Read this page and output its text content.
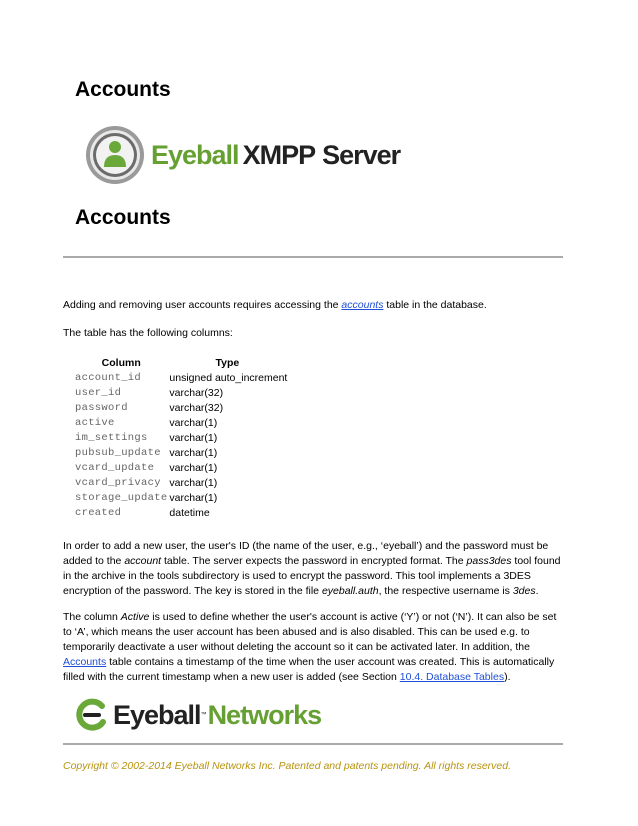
Accounts
Eyeball XMPP Server
Accounts

Adding and removing user accounts requires accessing the accounts table in the database.

The table has the following columns:

Column	Type
account_id	unsigned auto_increment
user_id	varchar(32)
password	varchar(32)
active	varchar(1)
im_settings	varchar(1)
pubsub_update	varchar(1)
vcard_update	varchar(1)
vcard_privacy	varchar(1)
storage_update	varchar(1)
created	datetime

In order to add a new user, the user's ID (the name of the user, e.g., ‘eyeball’) and the password must be added to the account table. The server expects the password in encrypted format. The pass3des tool found in the archive in the tools subdirectory is used to encrypt the password. This tool implements a 3DES encryption of the password. The key is stored in the file eyeball.auth, the respective username is 3des.

The column Active is used to define whether the user's account is active (‘Y’) or not (‘N’). It can also be set to ‘A’, which means the user account has been abused and is also disabled. This can be used e.g. to temporarily deactivate a user without deleting the account so it can be activated later. In addition, the Accounts table contains a timestamp of the time when the user account was created. This is automatically filled with the current timestamp when a new user is added (see Section 10.4. Database Tables).

Eyeball ™ Networks

Copyright © 2002-2014 Eyeball Networks Inc. Patented and patents pending. All rights reserved.
